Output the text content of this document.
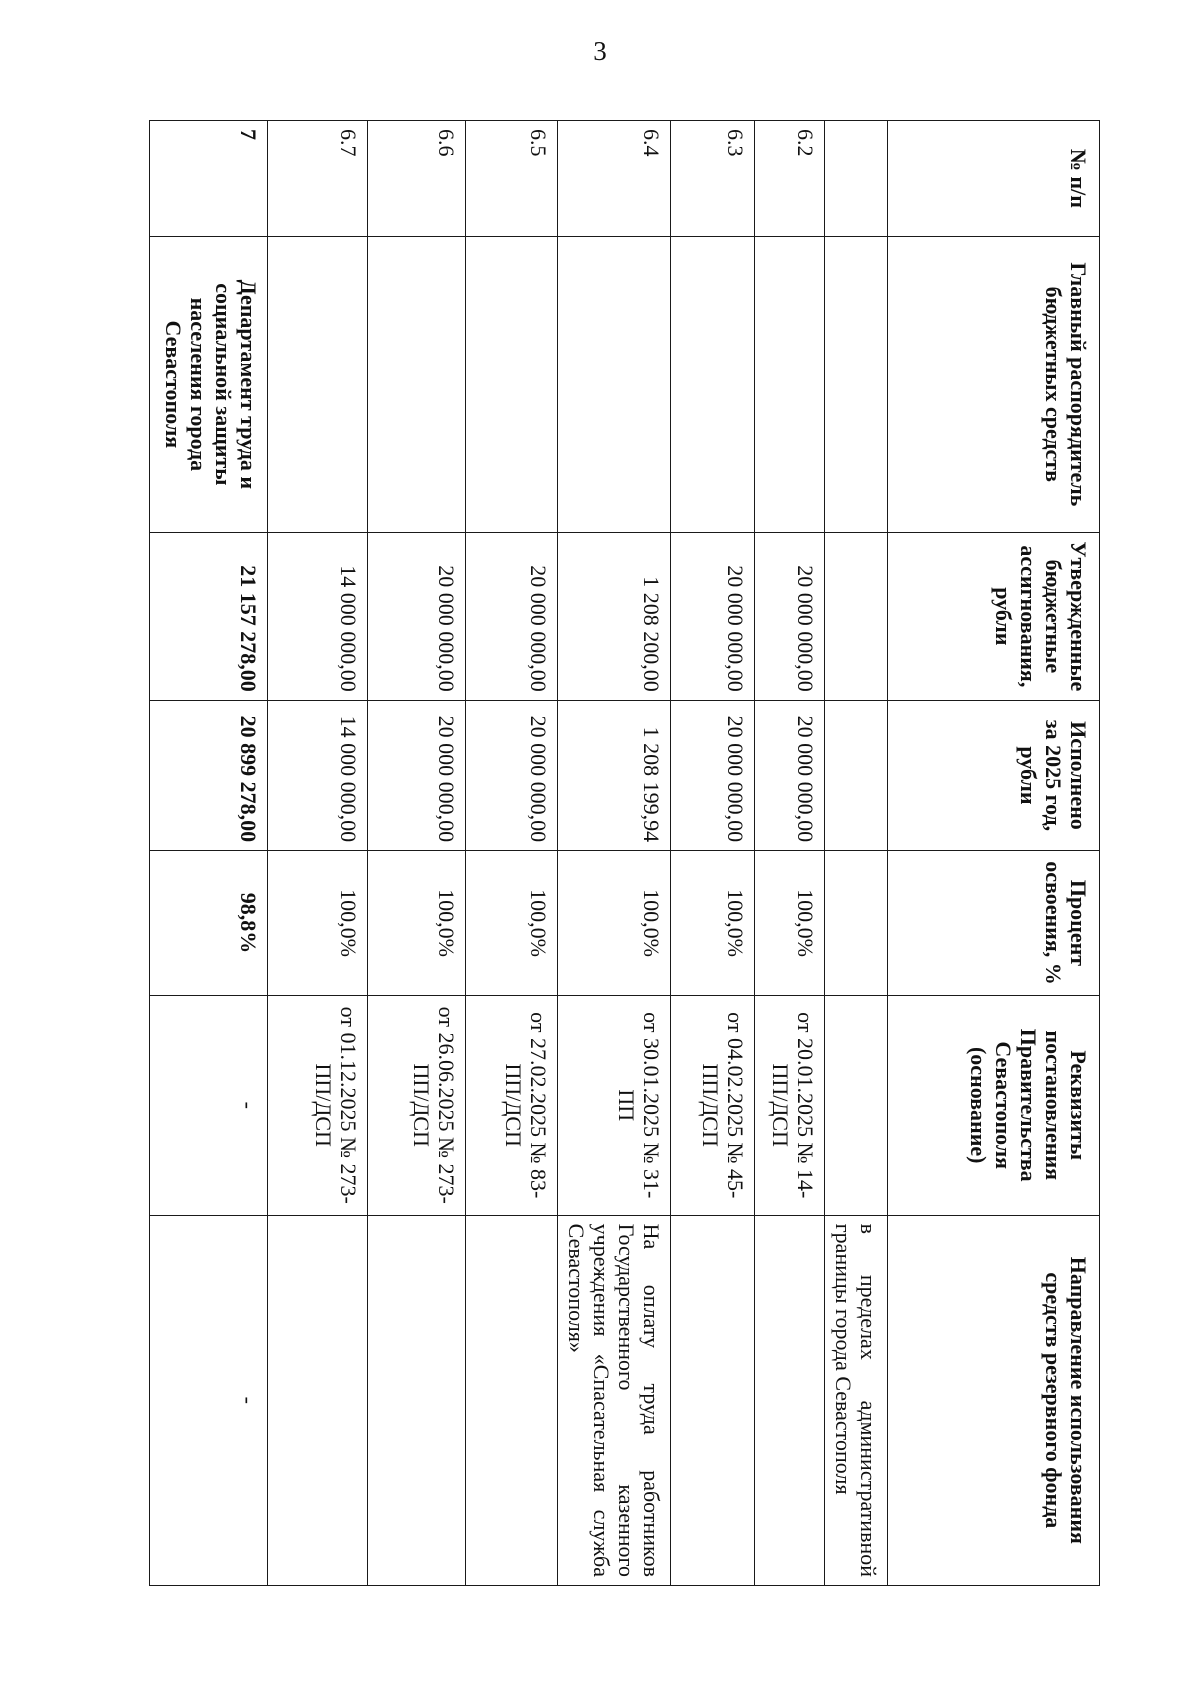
3
№ п/п	Главный распорядитель бюджетных средств	Утвержденные бюджетные ассигнования, рубли	Исполнено за 2025 год, рубли	Процент освоения, %	Реквизиты постановления Правительства Севастополя (основание)	Направление использования средств резервного фонда
						в пределах административной границы города Севастополя
6.2		20 000 000,00	20 000 000,00	100,0%	от 20.01.2025 № 14-ПП/ДСП	
6.3		20 000 000,00	20 000 000,00	100,0%	от 04.02.2025 № 45-ПП/ДСП	
6.4		1 208 200,00	1 208 199,94	100,0%	от 30.01.2025 № 31-ПП	На оплату труда работников Государственного казенного учреждения «Спасательная служба Севастополя»
6.5		20 000 000,00	20 000 000,00	100,0%	от 27.02.2025 № 83-ПП/ДСП	
6.6		20 000 000,00	20 000 000,00	100,0%	от 26.06.2025 № 273-ПП/ДСП	
6.7		14 000 000,00	14 000 000,00	100,0%	от 01.12.2025 № 273-ПП/ДСП	
7	Департамент труда и социальной защиты населения города Севастополя	21 157 278,00	20 899 278,00	98,8%	-	-
